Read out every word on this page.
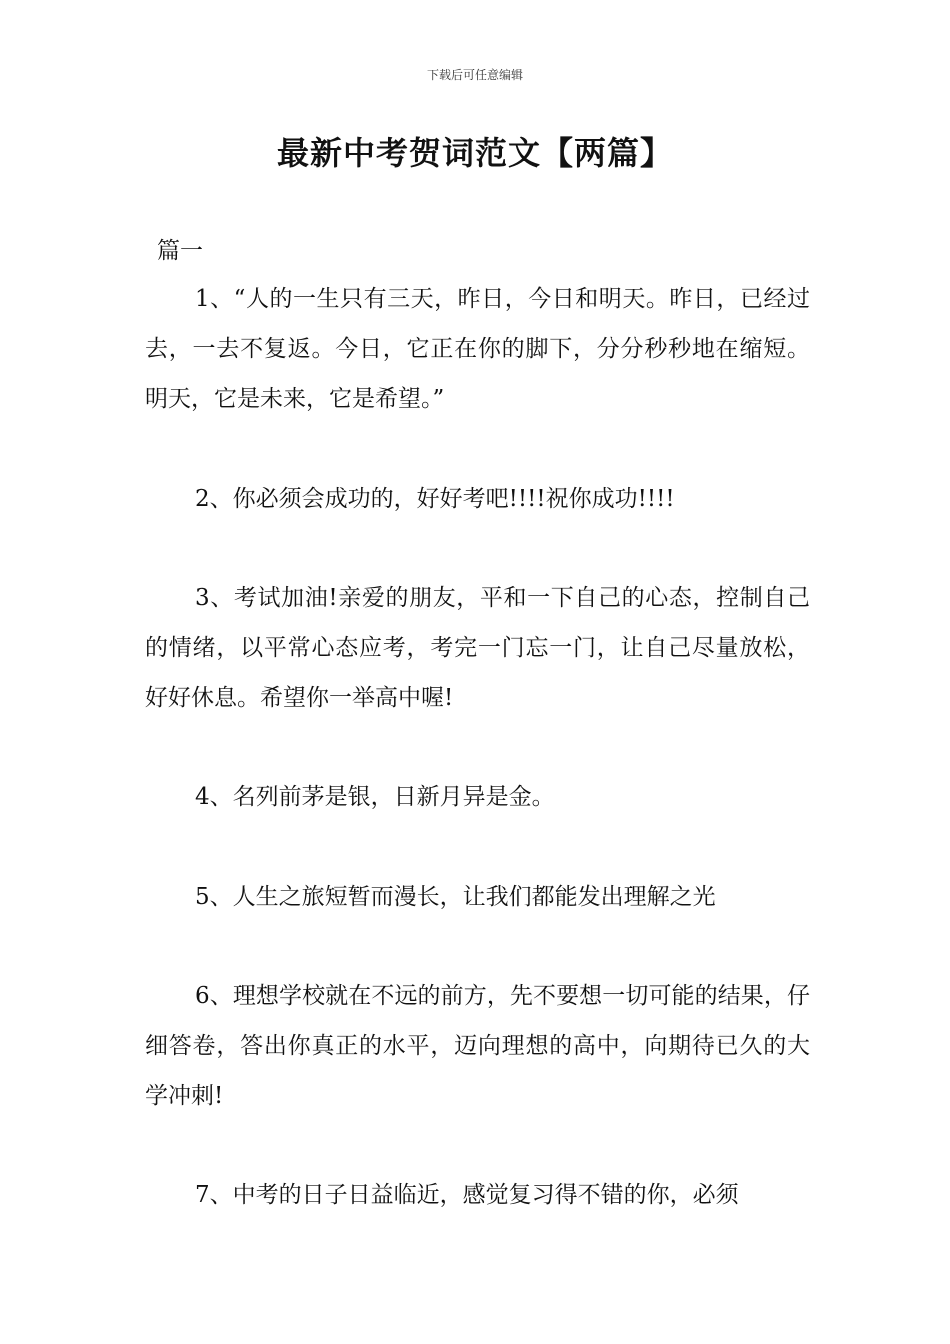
下载后可任意编辑
最新中考贺词范文【两篇】

篇一

1、“人的一生只有三天，昨日，今日和明天。昨日，已经过去，一去不复返。今日，它正在你的脚下，分分秒秒地在缩短。明天，它是未来，它是希望。”

2、你必须会成功的，好好考吧!!!!祝你成功!!!!

3、考试加油!亲爱的朋友，平和一下自己的心态，控制自己的情绪，以平常心态应考，考完一门忘一门，让自己尽量放松，好好休息。希望你一举高中喔!

4、名列前茅是银，日新月异是金。

5、人生之旅短暂而漫长，让我们都能发出理解之光

6、理想学校就在不远的前方，先不要想一切可能的结果，仔细答卷，答出你真正的水平，迈向理想的高中，向期待已久的大学冲刺!

7、中考的日子日益临近，感觉复习得不错的你，必须
